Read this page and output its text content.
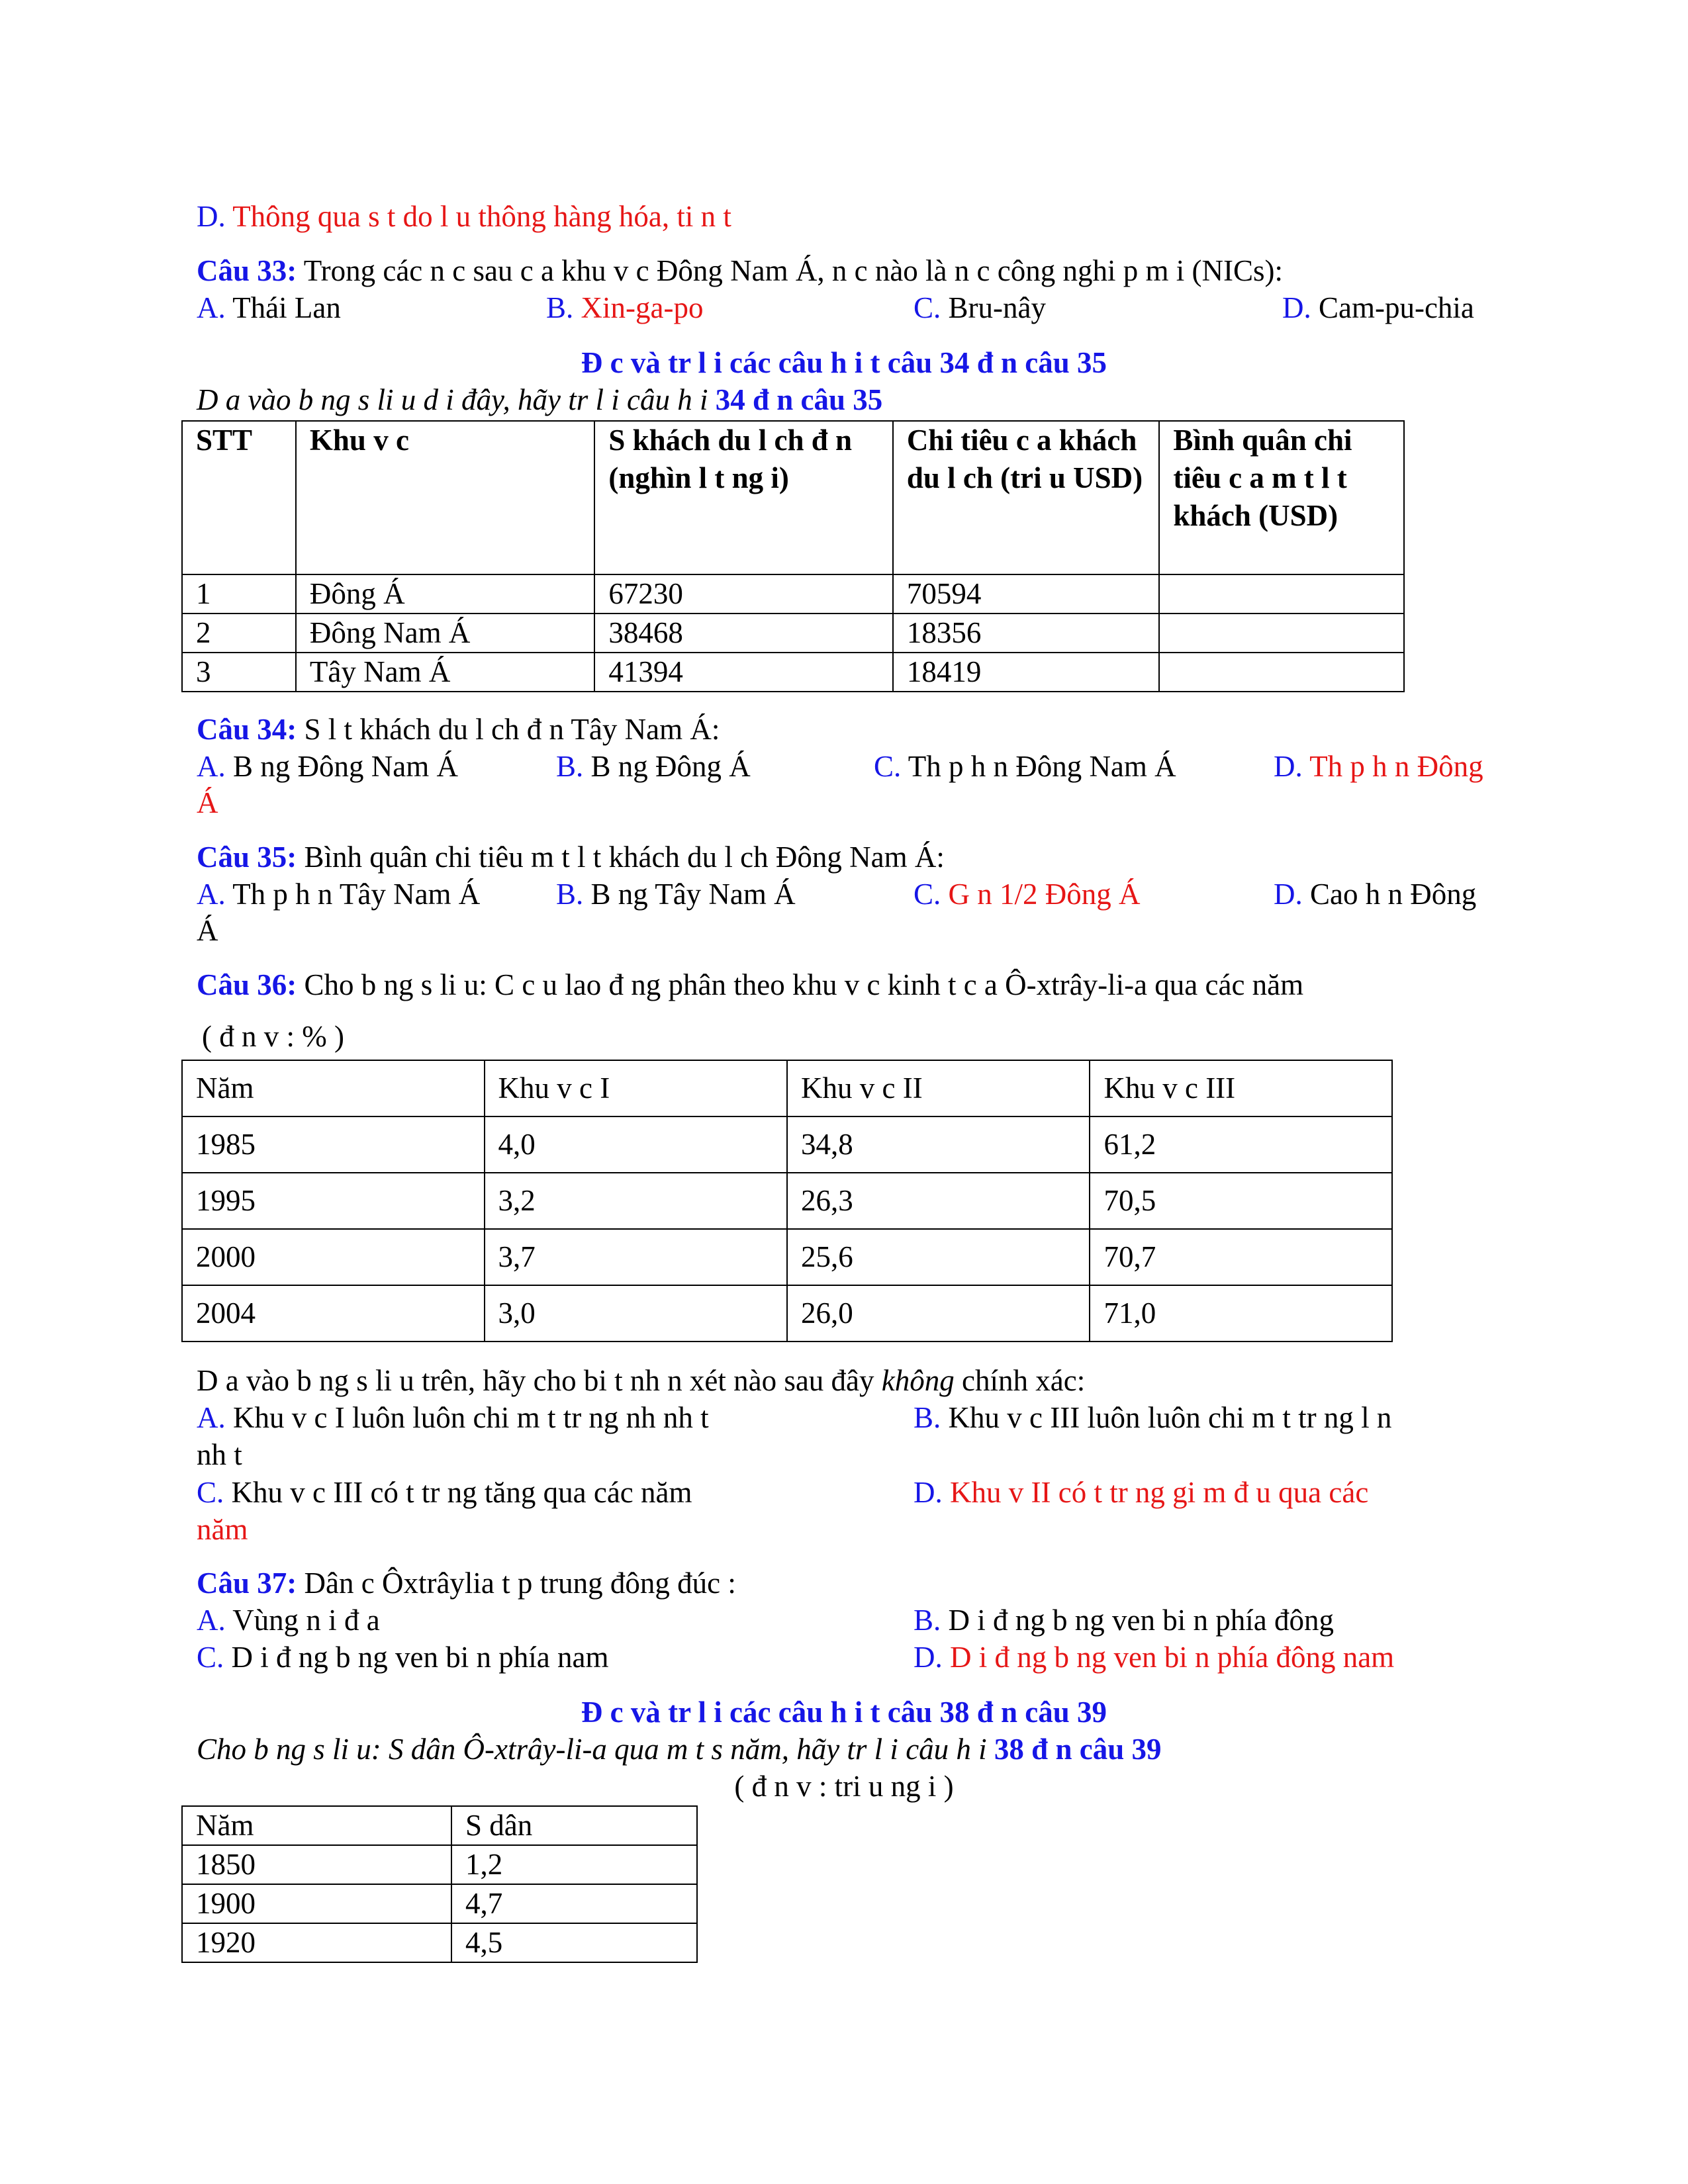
D. Thông qua s t do l u thông hàng hóa, ti n t
Câu 33: Trong các n c sau c a khu v c Đông Nam Á, n c nào là n c công nghi p m i (NICs):
A. Thái Lan	B. Xin-ga-po	C. Bru-nây	D. Cam-pu-chia
Đ c và tr l i các câu h i t câu 34 đ n câu 35
D a vào b ng s li u d i đây, hãy tr l i câu h i 34 đ n câu 35
STT	Khu v c	S khách du l ch đ n (nghìn l t ng i)	Chi tiêu c a khách du l ch (tri u USD)	Bình quân chi tiêu c a m t l t khách (USD)
1	Đông Á	67230	70594	
2	Đông Nam Á	38468	18356	
3	Tây Nam Á	41394	18419	
Câu 34: S l t khách du l ch đ n Tây Nam Á:
A. B ng Đông Nam Á	B. B ng Đông Á	C. Th p h n Đông Nam Á	D. Th p h n Đông
Á
Câu 35: Bình quân chi tiêu m t l t khách du l ch Đông Nam Á:
A. Th p h n Tây Nam Á	B. B ng Tây Nam Á	C. G n 1/2 Đông Á	D. Cao h n Đông
Á
Câu 36: Cho b ng s li u: C c u lao đ ng phân theo khu v c kinh t c a Ô-xtrây-li-a qua các năm
( đ n v : % )
Năm	Khu v c I	Khu v c II	Khu v c III
1985	4,0	34,8	61,2
1995	3,2	26,3	70,5
2000	3,7	25,6	70,7
2004	3,0	26,0	71,0
D a vào b ng s li u trên, hãy cho bi t nh n xét nào sau đây không chính xác:
A. Khu v c I luôn luôn chi m t tr ng nh nh t	B. Khu v c III luôn luôn chi m t tr ng l n
nh t
C. Khu v c III có t tr ng tăng qua các năm	D. Khu v II có t tr ng gi m đ u qua các
năm
Câu 37: Dân c Ôxtrâylia t p trung đông đúc :
A. Vùng n i đ a	B. D i đ ng b ng ven bi n phía đông
C. D i đ ng b ng ven bi n phía nam	D. D i đ ng b ng ven bi n phía đông nam
Đ c và tr l i các câu h i t câu 38 đ n câu 39
Cho b ng s li u: S dân Ô-xtrây-li-a qua m t s năm, hãy tr l i câu h i 38 đ n câu 39
( đ n v : tri u ng i )
Năm	S dân
1850	1,2
1900	4,7
1920	4,5
